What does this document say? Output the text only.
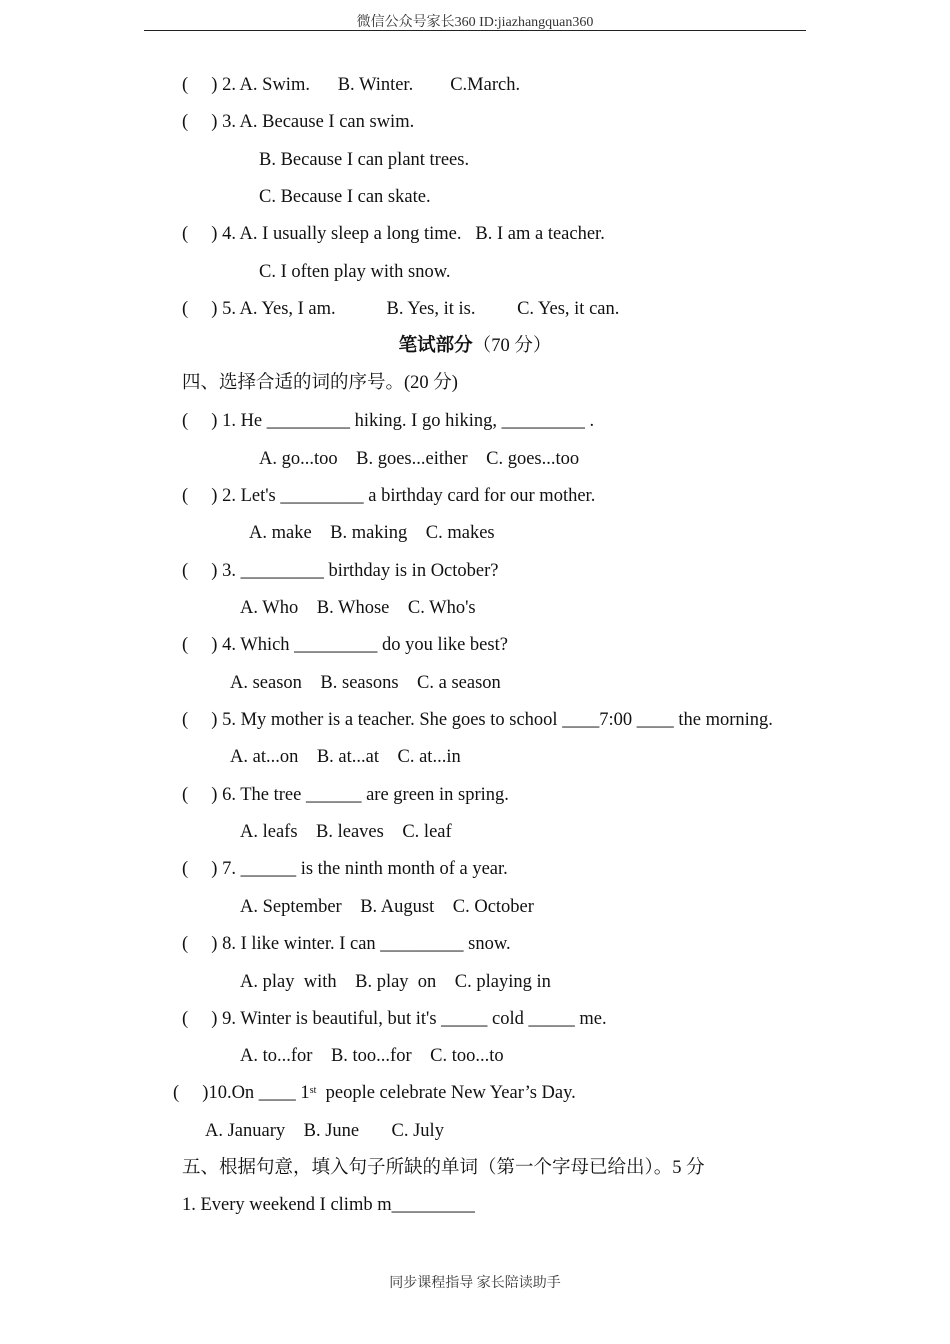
微信公众号家长360 ID:jiazhangquan360
(     ) 2. A. Swim.      B. Winter.        C.March.
(     ) 3. A. Because I can swim.
B. Because I can plant trees.
C. Because I can skate.
(     ) 4. A. I usually sleep a long time.   B. I am a teacher.
C. I often play with snow.
(     ) 5. A. Yes, I am.           B. Yes, it is.         C. Yes, it can.
笔试部分（70 分）
四、选择合适的词的序号。(20 分)
(     ) 1. He _________ hiking. I go hiking, _________ .
A. go...too    B. goes...either    C. goes...too
(     ) 2. Let's _________ a birthday card for our mother.
A. make    B. making    C. makes
(     ) 3. _________ birthday is in October?
A. Who    B. Whose    C. Who's
(     ) 4. Which _________ do you like best?
A. season    B. seasons    C. a season
(     ) 5. My mother is a teacher. She goes to school ____7:00 ____ the morning.
A. at...on    B. at...at    C. at...in
(     ) 6. The tree ______ are green in spring.
A. leafs    B. leaves    C. leaf
(     ) 7. ______ is the ninth month of a year.
A. September    B. August    C. October
(     ) 8. I like winter. I can _________ snow.
A. play  with    B. play  on    C. playing in
(     ) 9. Winter is beautiful, but it's _____ cold _____ me.
A. to...for    B. too...for    C. too...to
(     )10.On ____ 1st  people celebrate New Year’s Day.
A. January    B. June       C. July
五、根据句意，填入句子所缺的单词（第一个字母已给出）。5 分
1. Every weekend I climb m_________
同步课程指导 家长陪读助手
